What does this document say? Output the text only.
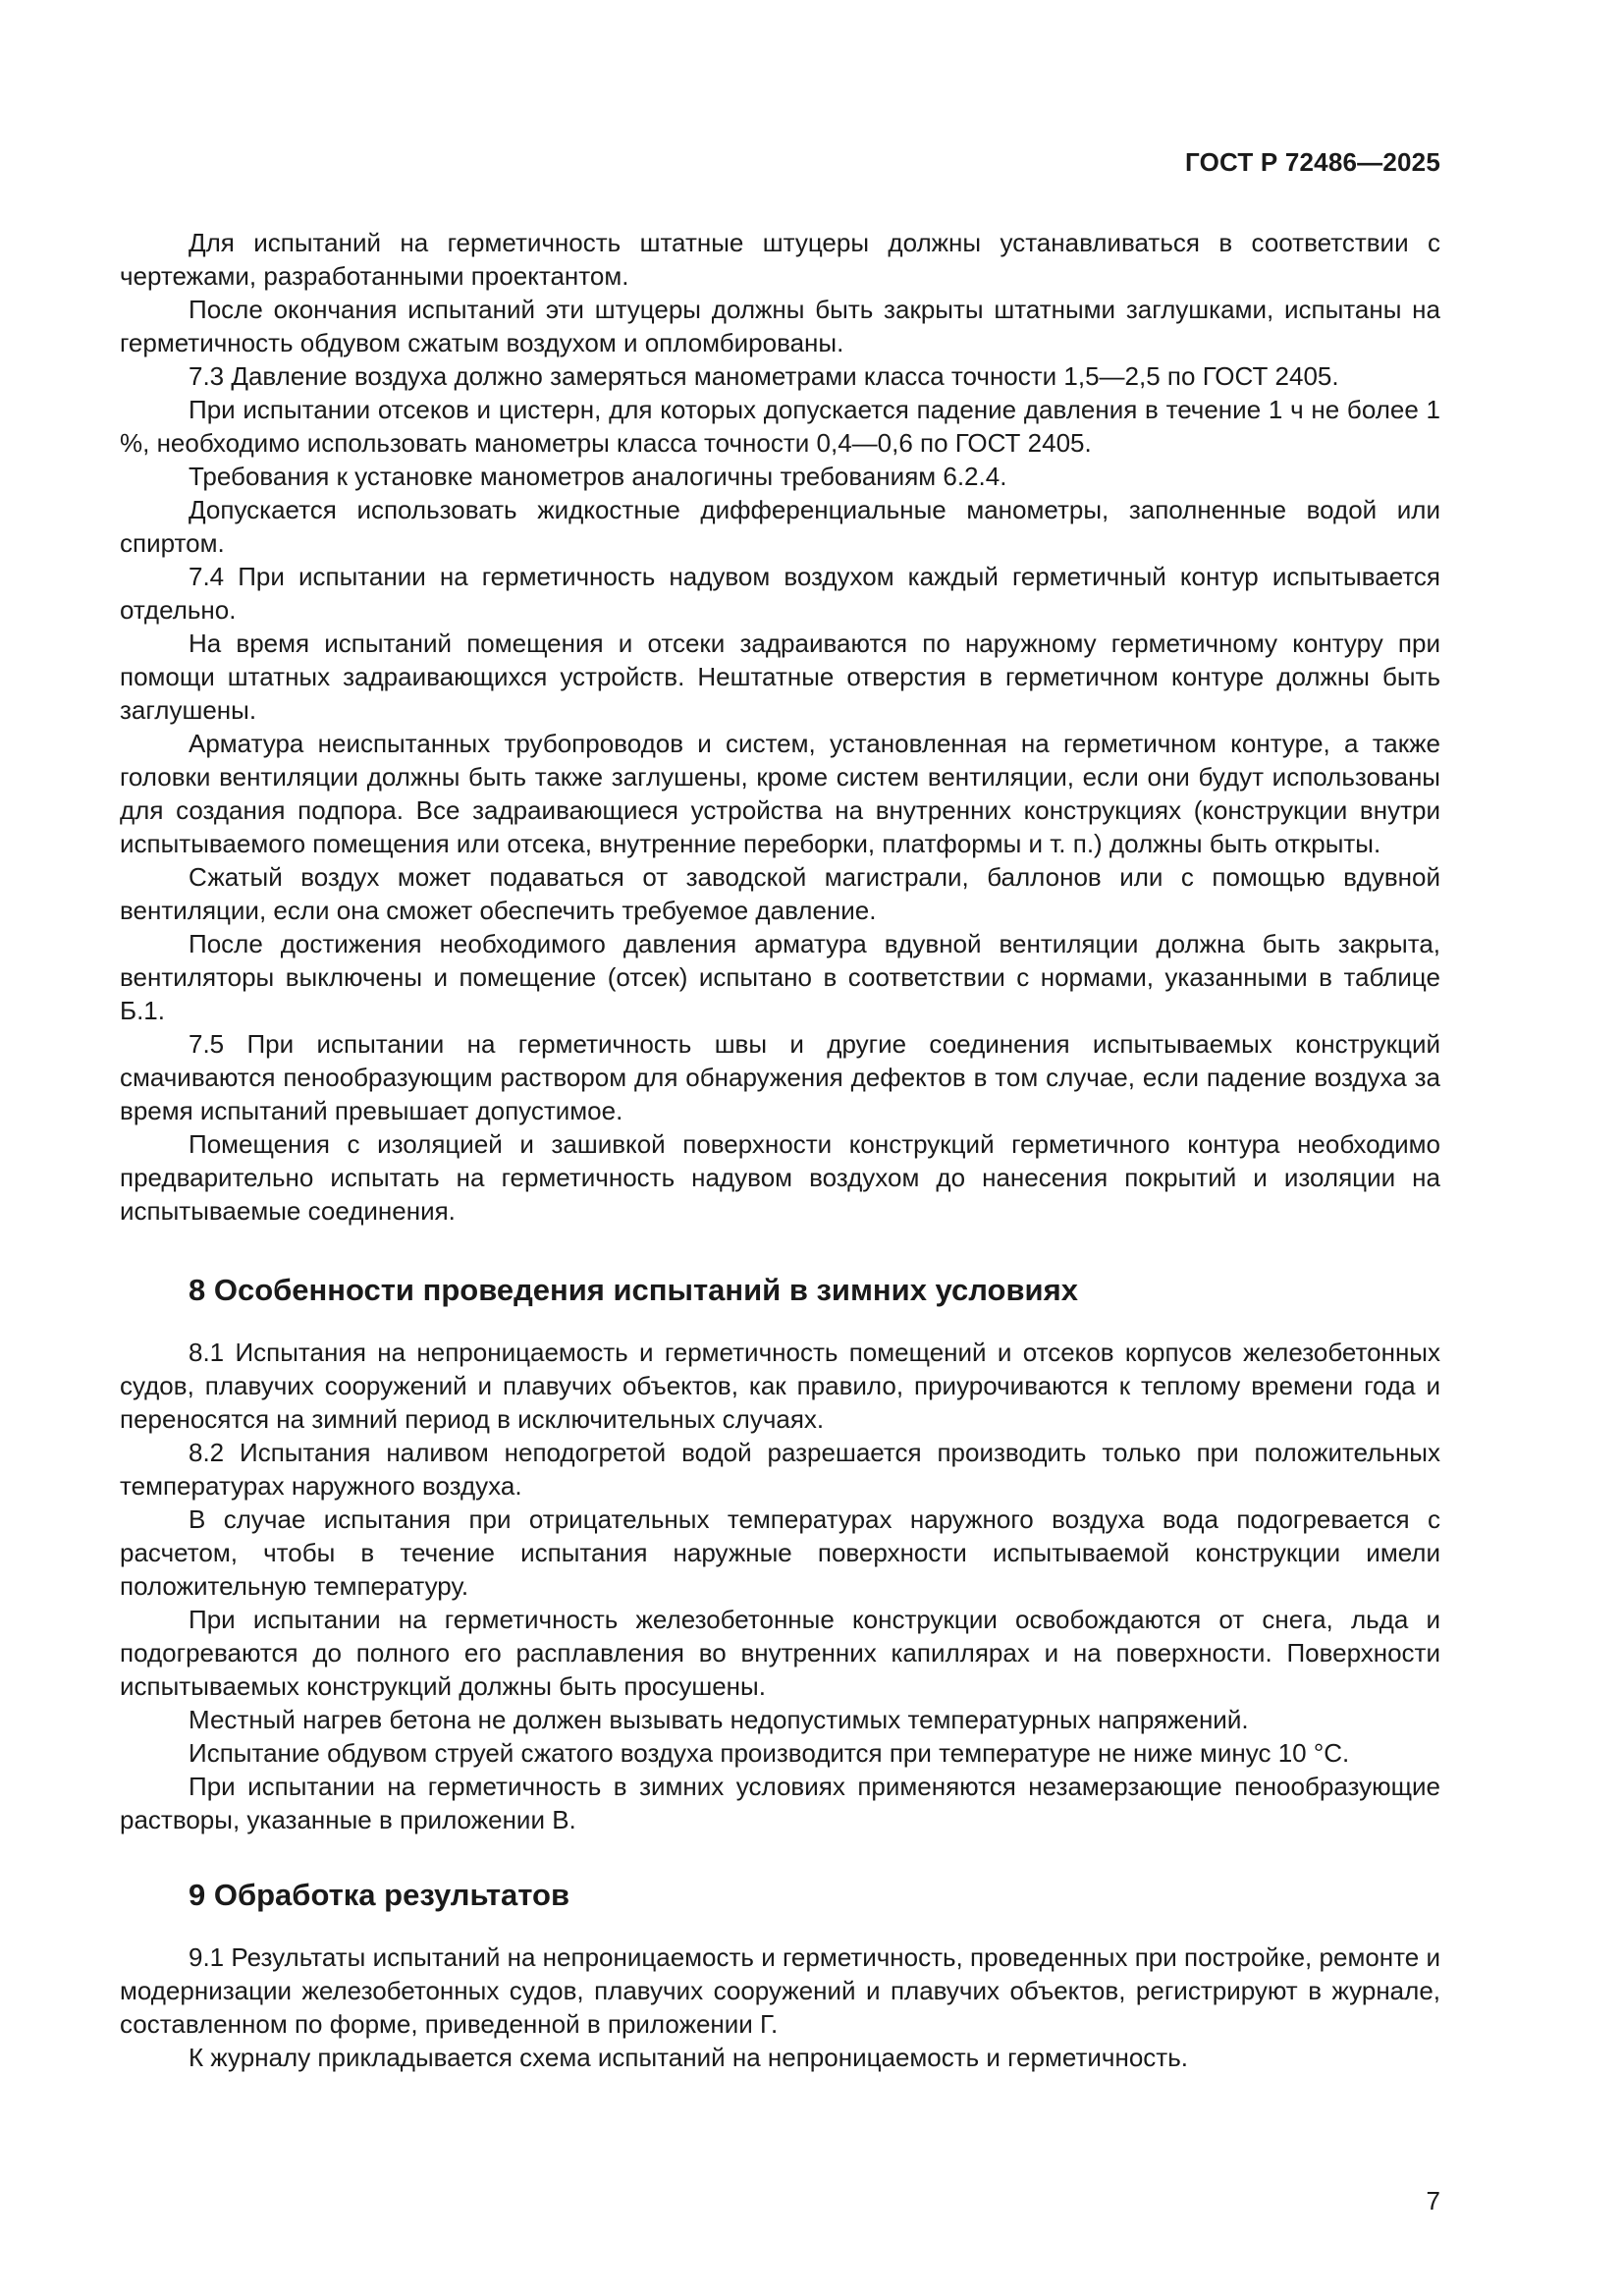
ГОСТ Р 72486—2025

Для испытаний на герметичность штатные штуцеры должны устанавливаться в соответствии с чертежами, разработанными проектантом.

После окончания испытаний эти штуцеры должны быть закрыты штатными заглушками, испытаны на герметичность обдувом сжатым воздухом и опломбированы.

7.3 Давление воздуха должно замеряться манометрами класса точности 1,5—2,5 по ГОСТ 2405.

При испытании отсеков и цистерн, для которых допускается падение давления в течение 1 ч не более 1 %, необходимо использовать манометры класса точности 0,4—0,6 по ГОСТ 2405.

Требования к установке манометров аналогичны требованиям 6.2.4.

Допускается использовать жидкостные дифференциальные манометры, заполненные водой или спиртом.

7.4 При испытании на герметичность надувом воздухом каждый герметичный контур испытывается отдельно.

На время испытаний помещения и отсеки задраиваются по наружному герметичному контуру при помощи штатных задраивающихся устройств. Нештатные отверстия в герметичном контуре должны быть заглушены.

Арматура неиспытанных трубопроводов и систем, установленная на герметичном контуре, а также головки вентиляции должны быть также заглушены, кроме систем вентиляции, если они будут использованы для создания подпора. Все задраивающиеся устройства на внутренних конструкциях (конструкции внутри испытываемого помещения или отсека, внутренние переборки, платформы и т. п.) должны быть открыты.

Сжатый воздух может подаваться от заводской магистрали, баллонов или с помощью вдувной вентиляции, если она сможет обеспечить требуемое давление.

После достижения необходимого давления арматура вдувной вентиляции должна быть закрыта, вентиляторы выключены и помещение (отсек) испытано в соответствии с нормами, указанными в таблице Б.1.

7.5 При испытании на герметичность швы и другие соединения испытываемых конструкций смачиваются пенообразующим раствором для обнаружения дефектов в том случае, если падение воздуха за время испытаний превышает допустимое.

Помещения с изоляцией и зашивкой поверхности конструкций герметичного контура необходимо предварительно испытать на герметичность надувом воздухом до нанесения покрытий и изоляции на испытываемые соединения.

8 Особенности проведения испытаний в зимних условиях

8.1 Испытания на непроницаемость и герметичность помещений и отсеков корпусов железобетонных судов, плавучих сооружений и плавучих объектов, как правило, приурочиваются к теплому времени года и переносятся на зимний период в исключительных случаях.

8.2 Испытания наливом неподогретой водой разрешается производить только при положительных температурах наружного воздуха.

В случае испытания при отрицательных температурах наружного воздуха вода подогревается с расчетом, чтобы в течение испытания наружные поверхности испытываемой конструкции имели положительную температуру.

При испытании на герметичность железобетонные конструкции освобождаются от снега, льда и подогреваются до полного его расплавления во внутренних капиллярах и на поверхности. Поверхности испытываемых конструкций должны быть просушены.

Местный нагрев бетона не должен вызывать недопустимых температурных напряжений.

Испытание обдувом струей сжатого воздуха производится при температуре не ниже минус 10 °С.

При испытании на герметичность в зимних условиях применяются незамерзающие пенообразующие растворы, указанные в приложении В.

9 Обработка результатов

9.1 Результаты испытаний на непроницаемость и герметичность, проведенных при постройке, ремонте и модернизации железобетонных судов, плавучих сооружений и плавучих объектов, регистрируют в журнале, составленном по форме, приведенной в приложении Г.

К журналу прикладывается схема испытаний на непроницаемость и герметичность.

7
